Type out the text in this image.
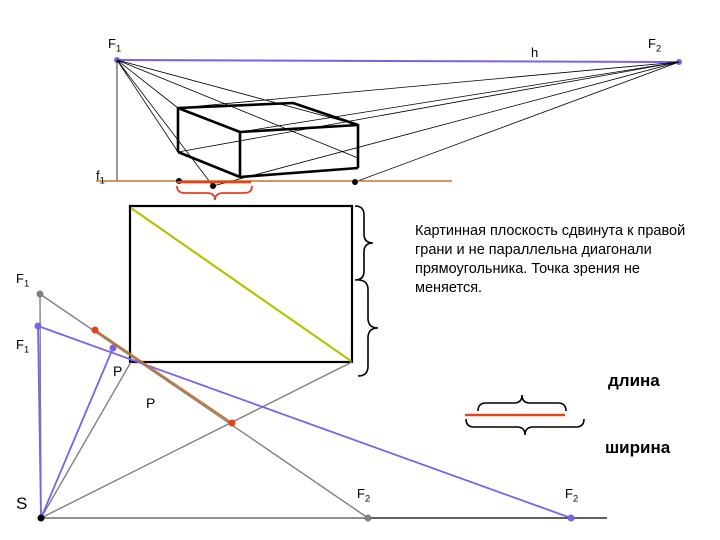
$F_1$	$F_2$
h
$f_1$
$F_1$
$F_1$
P
P
S
$F_2$	$F_2$
длина
ширина
Картинная плоскость сдвинута к правой грани и не параллельна диагонали прямоугольника. Точка зрения не меняется.
